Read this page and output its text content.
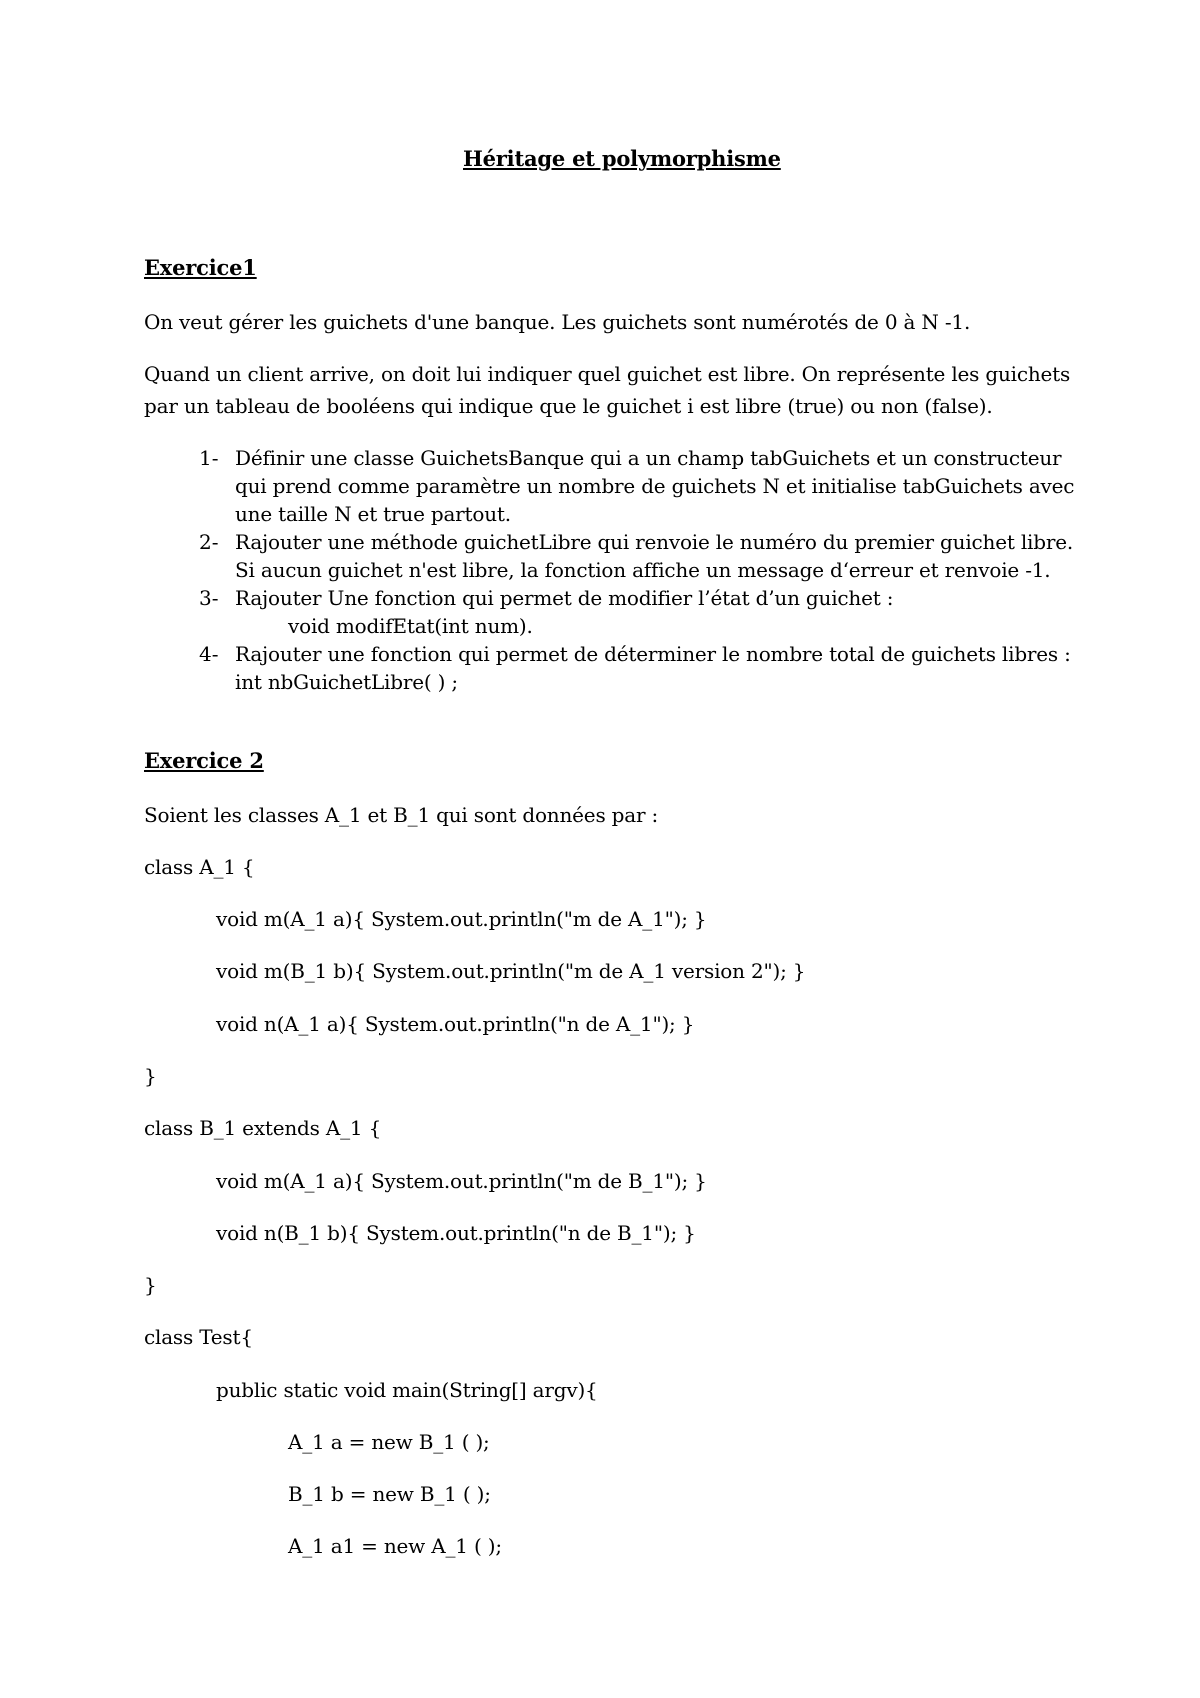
Héritage et polymorphisme
Exercice1
On veut gérer les guichets d'une banque. Les guichets sont numérotés de 0 à N -1.
Quand un client arrive, on doit lui indiquer quel guichet est libre. On représente les guichets
par un tableau de booléens qui indique que le guichet i est libre (true) ou non (false).
1- Définir une classe GuichetsBanque qui a un champ tabGuichets et un constructeur
qui prend comme paramètre un nombre de guichets N et initialise tabGuichets avec
une taille N et true partout.
2- Rajouter une méthode guichetLibre qui renvoie le numéro du premier guichet libre.
Si aucun guichet n'est libre, la fonction affiche un message d‘erreur et renvoie -1.
3- Rajouter Une fonction qui permet de modifier l’état d’un guichet :
void modifEtat(int num).
4- Rajouter une fonction qui permet de déterminer le nombre total de guichets libres :
int nbGuichetLibre( ) ;
Exercice 2
Soient les classes A_1 et B_1 qui sont données par :
class A_1 {
void m(A_1 a){ System.out.println("m de A_1"); }
void m(B_1 b){ System.out.println("m de A_1 version 2"); }
void n(A_1 a){ System.out.println("n de A_1"); }
}
class B_1 extends A_1 {
void m(A_1 a){ System.out.println("m de B_1"); }
void n(B_1 b){ System.out.println("n de B_1"); }
}
class Test{
public static void main(String[] argv){
A_1 a = new B_1 ( );
B_1 b = new B_1 ( );
A_1 a1 = new A_1 ( );
